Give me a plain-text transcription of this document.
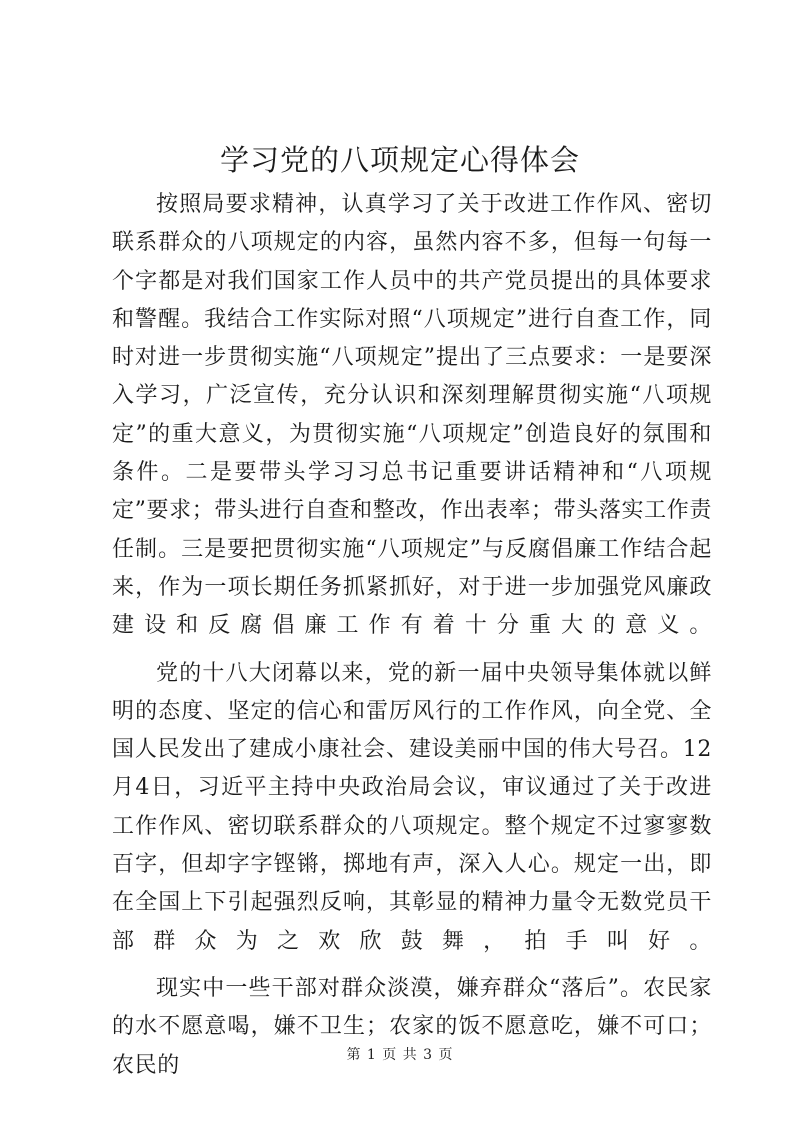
学习党的八项规定心得体会

按照局要求精神，认真学习了关于改进工作作风、密切联系群众的八项规定的内容，虽然内容不多，但每一句每一个字都是对我们国家工作人员中的共产党员提出的具体要求和警醒。我结合工作实际对照“八项规定”进行自查工作，同时对进一步贯彻实施“八项规定”提出了三点要求：一是要深入学习，广泛宣传，充分认识和深刻理解贯彻实施“八项规定”的重大意义，为贯彻实施“八项规定”创造良好的氛围和条件。二是要带头学习习总书记重要讲话精神和“八项规定”要求；带头进行自查和整改，作出表率；带头落实工作责任制。三是要把贯彻实施“八项规定”与反腐倡廉工作结合起来，作为一项长期任务抓紧抓好，对于进一步加强党风廉政建设和反腐倡廉工作有着十分重大的意义。

党的十八大闭幕以来，党的新一届中央领导集体就以鲜明的态度、坚定的信心和雷厉风行的工作作风，向全党、全国人民发出了建成小康社会、建设美丽中国的伟大号召。12月4日，习近平主持中央政治局会议，审议通过了关于改进工作作风、密切联系群众的八项规定。整个规定不过寥寥数百字，但却字字铿锵，掷地有声，深入人心。规定一出，即在全国上下引起强烈反响，其彰显的精神力量令无数党员干部群众为之欢欣鼓舞，拍手叫好。

现实中一些干部对群众淡漠，嫌弃群众“落后”。农民家的水不愿意喝，嫌不卫生；农家的饭不愿意吃，嫌不可口；农民的	第 1 页 共 3 页
